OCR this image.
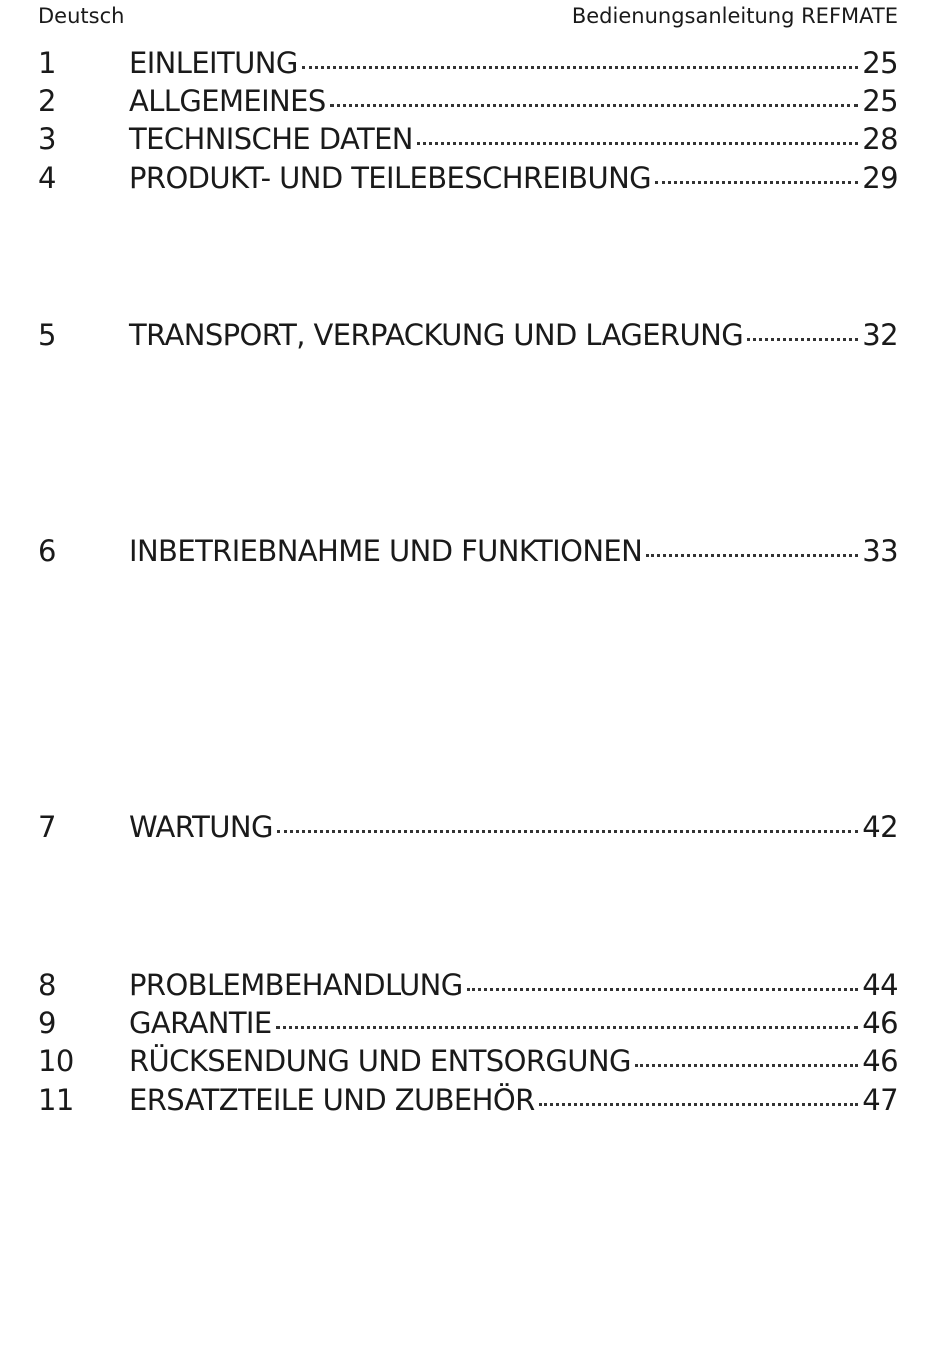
Deutsch	Bedienungsanleitung REFMATE
1	EINLEITUNG	25
2	ALLGEMEINES	25
3	TECHNISCHE DATEN	28
4	PRODUKT- UND TEILEBESCHREIBUNG	29
5	TRANSPORT, VERPACKUNG UND LAGERUNG	32
6	INBETRIEBNAHME UND FUNKTIONEN	33
7	WARTUNG	42
8	PROBLEMBEHANDLUNG	44
9	GARANTIE	46
10	RÜCKSENDUNG UND ENTSORGUNG	46
11	ERSATZTEILE UND ZUBEHÖR	47
